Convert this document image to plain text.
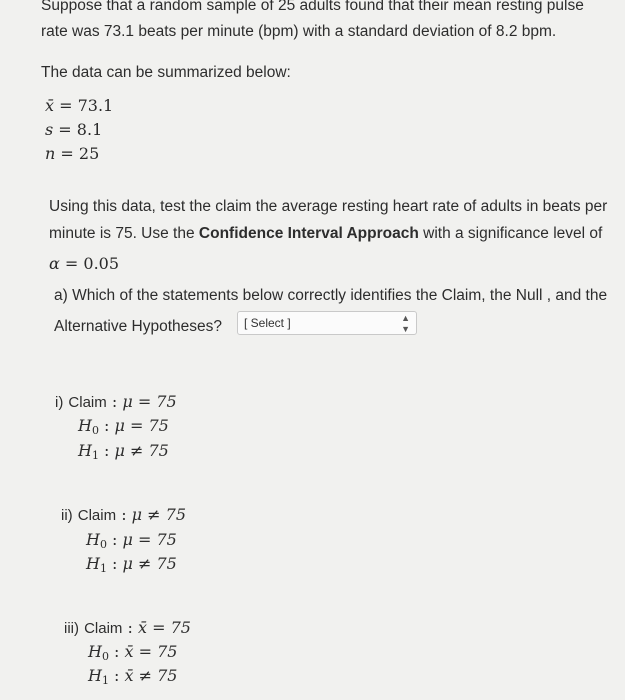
Suppose that a random sample of 25 adults found that their mean resting pulse
rate was 73.1 beats per minute (bpm) with a standard deviation of 8.2 bpm.
The data can be summarized below:
x̄ = 73.1
s = 8.1
n = 25
Using this data, test the claim the average resting heart rate of adults in beats per
minute is 75. Use the Confidence Interval Approach with a significance level of
α = 0.05
a) Which of the statements below correctly identifies the Claim, the Null , and the
Alternative Hypotheses?	[ Select ]	▲
▼
i) Claim : μ = 75
$H_0$ : μ = 75
$H_1$ : μ ≠ 75
ii) Claim : μ ≠ 75
$H_0$ : μ = 75
$H_1$ : μ ≠ 75
iii) Claim : x̄ = 75
$H_0$ : x̄ = 75
$H_1$ : x̄ ≠ 75
